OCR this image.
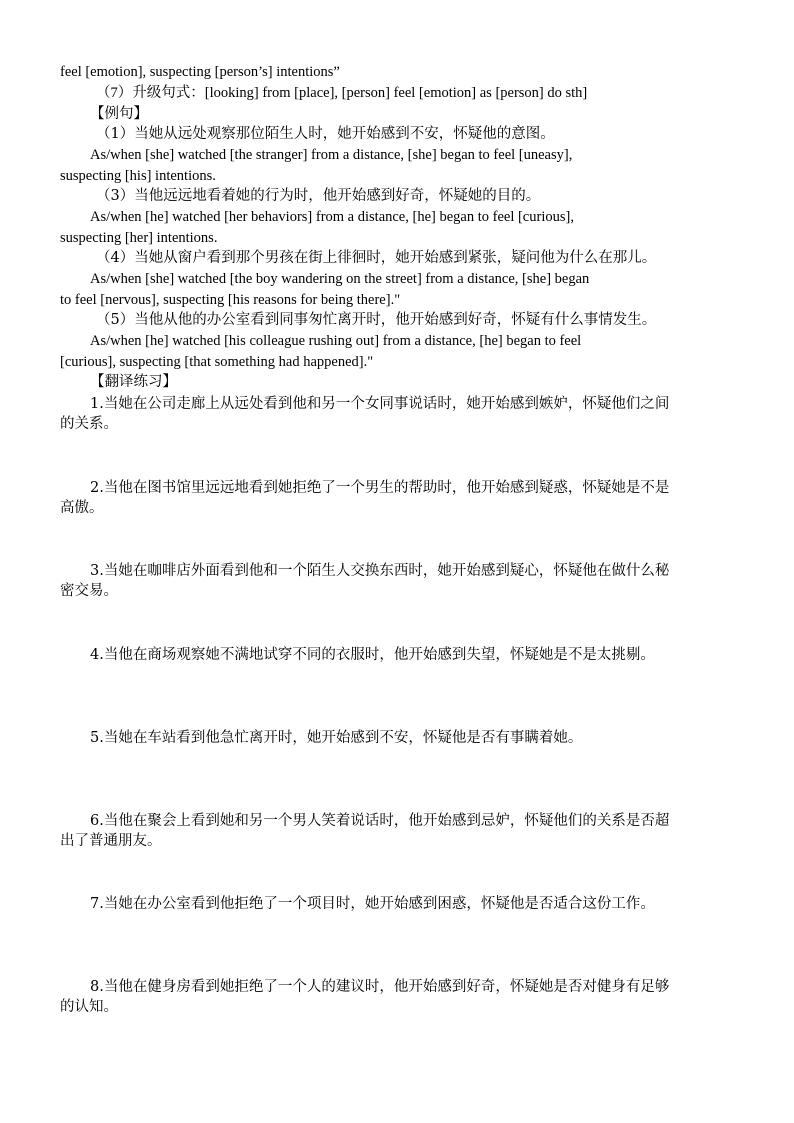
feel [emotion], suspecting [person’s] intentions”
（7）升级句式：[looking] from [place], [person] feel [emotion] as [person] do sth]
【例句】
（1）当她从远处观察那位陌生人时，她开始感到不安，怀疑他的意图。
As/when [she] watched [the stranger] from a distance, [she] began to feel [uneasy],
suspecting [his] intentions.
（3）当他远远地看着她的行为时，他开始感到好奇，怀疑她的目的。
As/when [he] watched [her behaviors] from a distance, [he] began to feel [curious],
suspecting [her] intentions.
（4）当她从窗户看到那个男孩在街上徘徊时，她开始感到紧张，疑问他为什么在那儿。
As/when [she] watched [the boy wandering on the street] from a distance, [she] began
to feel [nervous], suspecting [his reasons for being there]."
（5）当他从他的办公室看到同事匆忙离开时，他开始感到好奇，怀疑有什么事情发生。
As/when [he] watched [his colleague rushing out] from a distance, [he] began to feel
[curious], suspecting [that something had happened]."
【翻译练习】
1.当她在公司走廊上从远处看到他和另一个女同事说话时，她开始感到嫉妒，怀疑他们之间
的关系。
2.当他在图书馆里远远地看到她拒绝了一个男生的帮助时，他开始感到疑惑，怀疑她是不是
高傲。
3.当她在咖啡店外面看到他和一个陌生人交换东西时，她开始感到疑心，怀疑他在做什么秘
密交易。
4.当他在商场观察她不满地试穿不同的衣服时，他开始感到失望，怀疑她是不是太挑剔。
5.当她在车站看到他急忙离开时，她开始感到不安，怀疑他是否有事瞒着她。
6.当他在聚会上看到她和另一个男人笑着说话时，他开始感到忌妒，怀疑他们的关系是否超
出了普通朋友。
7.当她在办公室看到他拒绝了一个项目时，她开始感到困惑，怀疑他是否适合这份工作。
8.当他在健身房看到她拒绝了一个人的建议时，他开始感到好奇，怀疑她是否对健身有足够
的认知。
